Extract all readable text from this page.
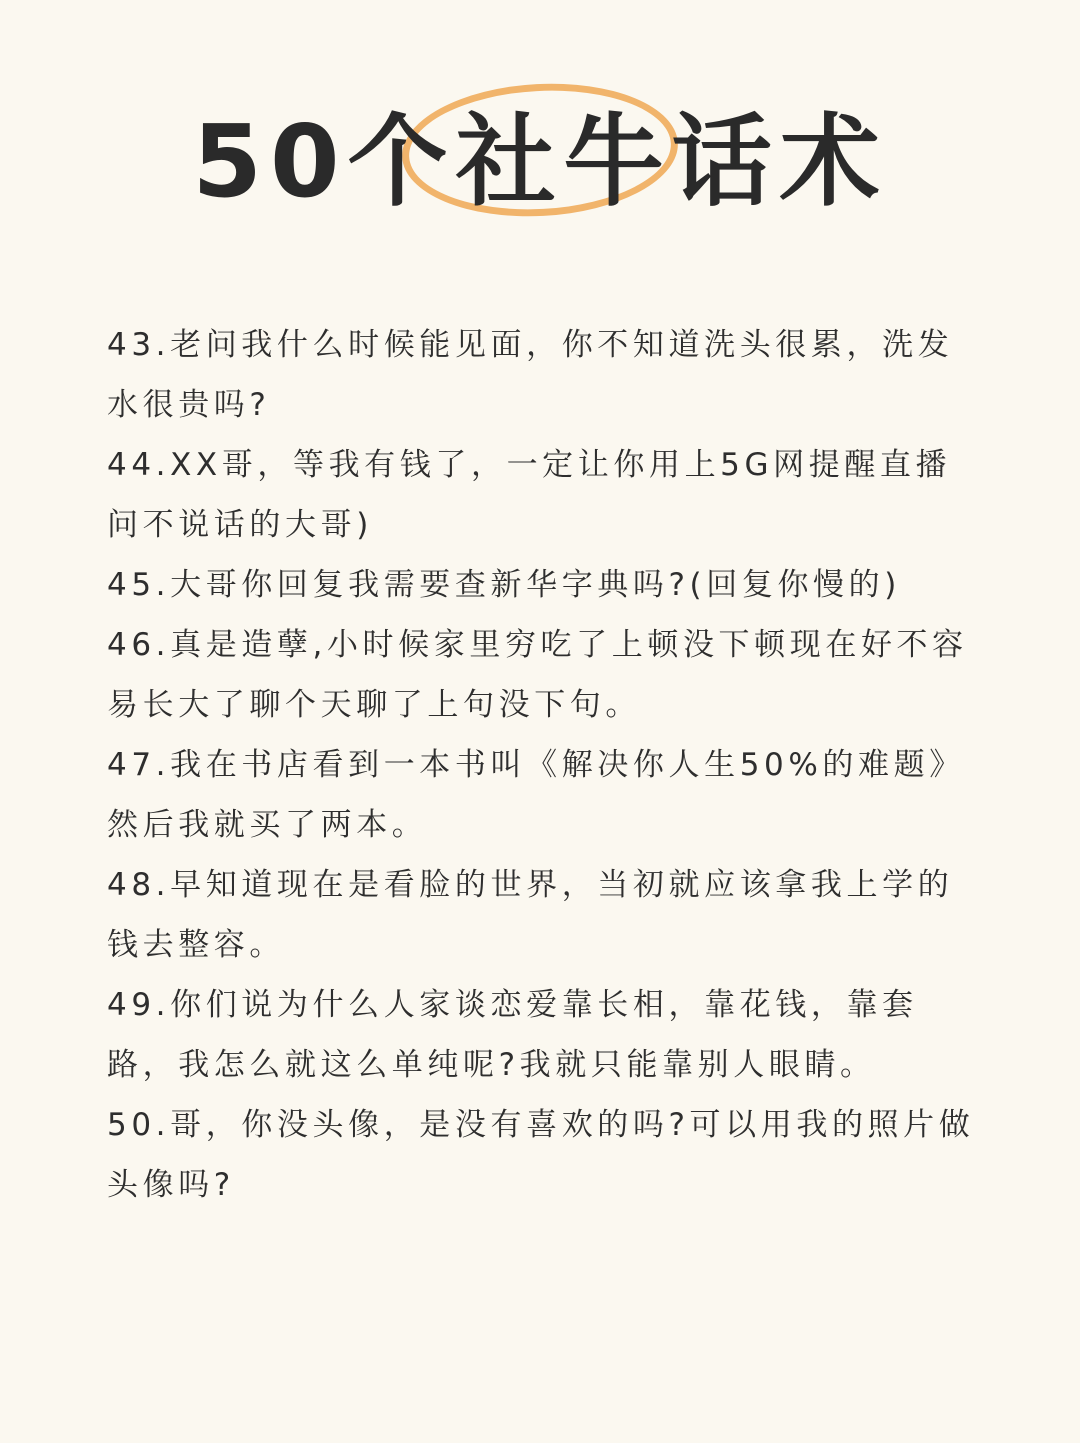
50个社牛话术
43.老问我什么时候能见面，你不知道洗头很累，洗发水很贵吗?
44.XX哥，等我有钱了，一定让你用上5G网提醒直播问不说话的大哥)
45.大哥你回复我需要查新华字典吗?(回复你慢的)
46.真是造孽,小时候家里穷吃了上顿没下顿现在好不容易长大了聊个天聊了上句没下句。
47.我在书店看到一本书叫《解决你人生50%的难题》然后我就买了两本。
48.早知道现在是看脸的世界，当初就应该拿我上学的钱去整容。
49.你们说为什么人家谈恋爱靠长相，靠花钱，靠套路，我怎么就这么单纯呢?我就只能靠别人眼睛。
50.哥，你没头像，是没有喜欢的吗?可以用我的照片做头像吗?
